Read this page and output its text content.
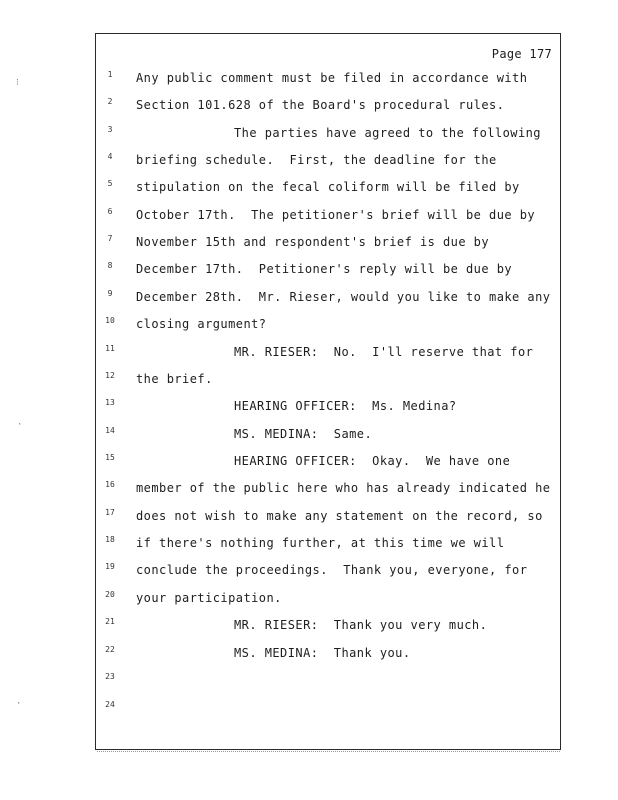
Page 177
1	Any public comment must be filed in accordance with
2	Section 101.628 of the Board's procedural rules.
3	The parties have agreed to the following
4	briefing schedule.  First, the deadline for the
5	stipulation on the fecal coliform will be filed by
6	October 17th.  The petitioner's brief will be due by
7	November 15th and respondent's brief is due by
8	December 17th.  Petitioner's reply will be due by
9	December 28th.  Mr. Rieser, would you like to make any
10 closing argument?
11	MR. RIESER:  No.  I'll reserve that for
12 the brief.
13	HEARING OFFICER:  Ms. Medina?
14	MS. MEDINA:  Same.
15	HEARING OFFICER:  Okay.  We have one
16 member of the public here who has already indicated he
17 does not wish to make any statement on the record, so
18 if there's nothing further, at this time we will
19 conclude the proceedings.  Thank you, everyone, for
20 your participation.
21	MR. RIESER:  Thank you very much.
22	MS. MEDINA:  Thank you.
23
24
⁝
·
·
